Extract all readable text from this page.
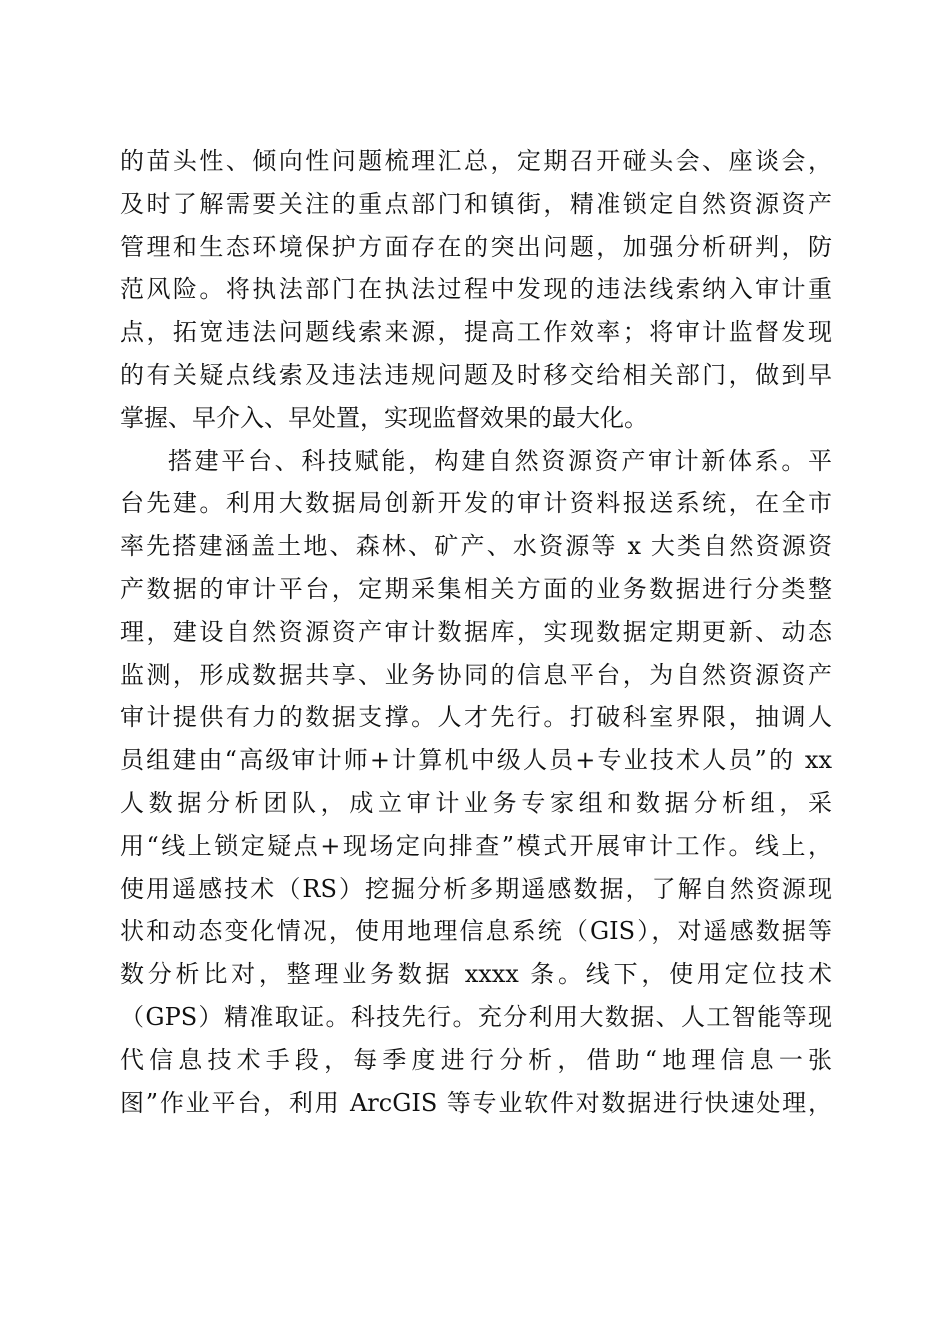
的苗头性、倾向性问题梳理汇总，定期召开碰头会、座谈会，
及时了解需要关注的重点部门和镇街，精准锁定自然资源资产
管理和生态环境保护方面存在的突出问题，加强分析研判，防
范风险。将执法部门在执法过程中发现的违法线索纳入审计重
点，拓宽违法问题线索来源，提高工作效率；将审计监督发现
的有关疑点线索及违法违规问题及时移交给相关部门，做到早
掌握、早介入、早处置，实现监督效果的最大化。
搭建平台、科技赋能，构建自然资源资产审计新体系。平
台先建。利用大数据局创新开发的审计资料报送系统，在全市
率先搭建涵盖土地、森林、矿产、水资源等 x 大类自然资源资
产数据的审计平台，定期采集相关方面的业务数据进行分类整
理，建设自然资源资产审计数据库，实现数据定期更新、动态
监测，形成数据共享、业务协同的信息平台，为自然资源资产
审计提供有力的数据支撑。人才先行。打破科室界限，抽调人
员组建由“高级审计师+计算机中级人员+专业技术人员”的 xx
人数据分析团队，成立审计业务专家组和数据分析组，采
用“线上锁定疑点+现场定向排查”模式开展审计工作。线上，
使用遥感技术（RS）挖掘分析多期遥感数据，了解自然资源现
状和动态变化情况，使用地理信息系统（GIS），对遥感数据等
数分析比对，整理业务数据 xxxx 条。线下，使用定位技术
（GPS）精准取证。科技先行。充分利用大数据、人工智能等现
代信息技术手段，每季度进行分析，借助“地理信息一张
图”作业平台，利用 ArcGIS 等专业软件对数据进行快速处理，
